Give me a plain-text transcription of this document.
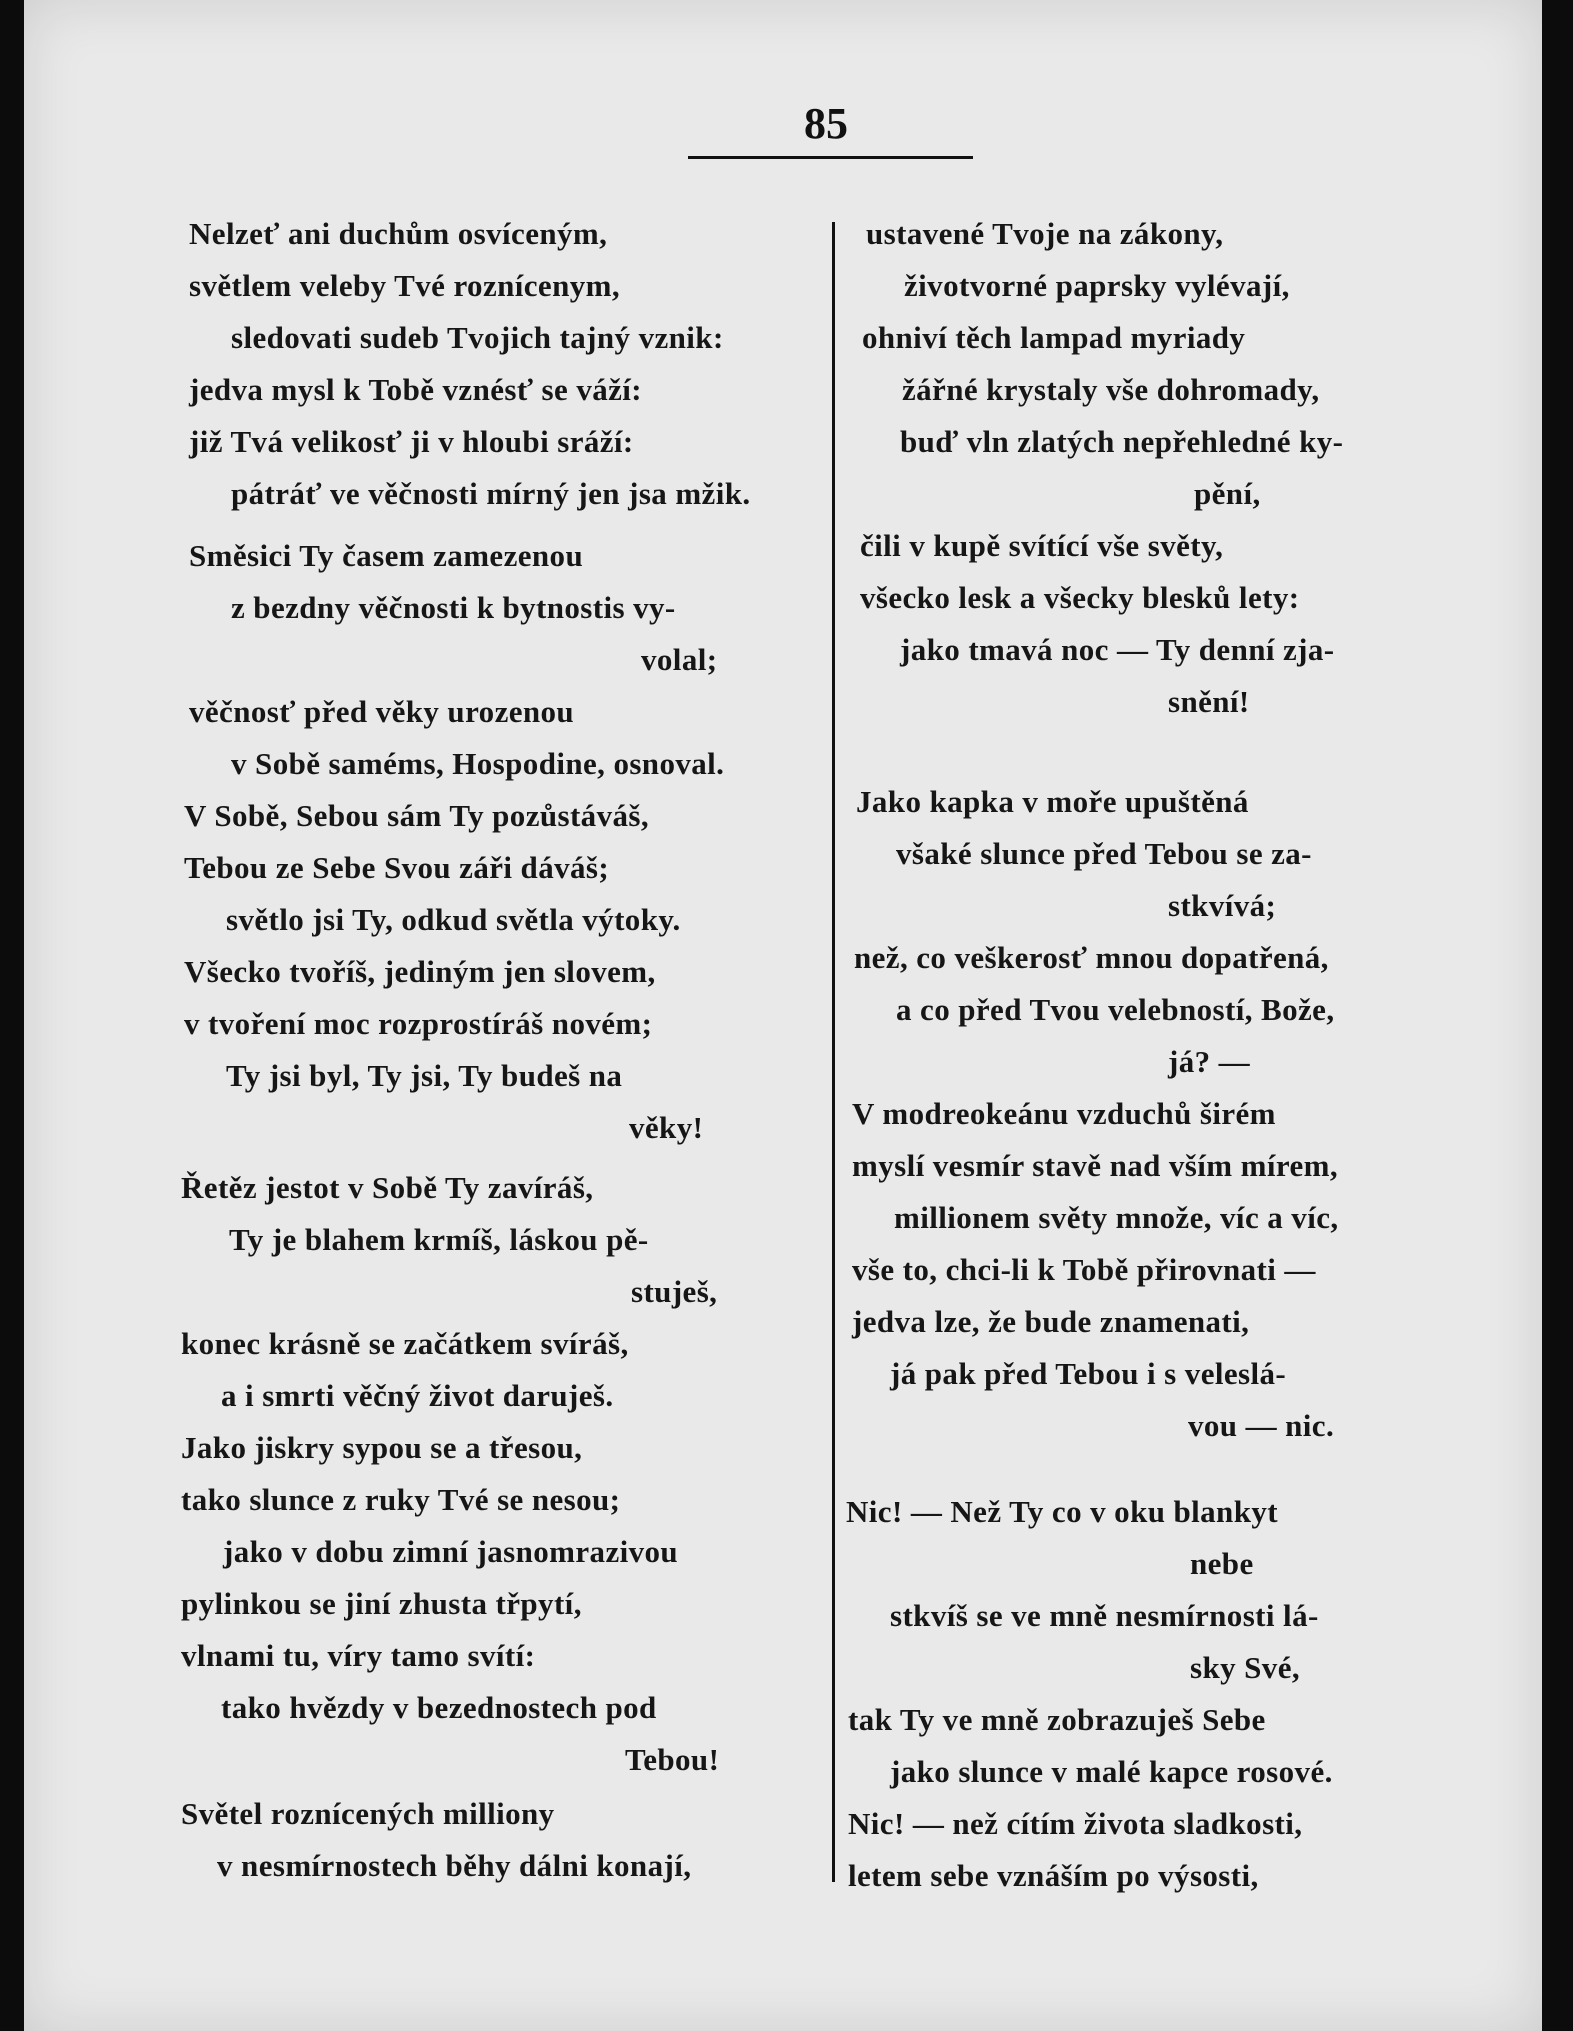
85
Nelzeť ani duchům osvíceným,
světlem veleby Tvé roznícenym,
sledovati sudeb Tvojich tajný vznik:
jedva mysl k Tobě vznésť se váží:
již Tvá velikosť ji v hloubi sráží:
pátráť ve věčnosti mírný jen jsa mžik.
Směsici Ty časem zamezenou
z bezdny věčnosti k bytnostis vy-
volal;
věčnosť před věky urozenou
v Sobě saméms, Hospodine, osnoval.
V Sobě, Sebou sám Ty pozůstáváš,
Tebou ze Sebe Svou záři dáváš;
světlo jsi Ty, odkud světla výtoky.
Všecko tvoříš, jediným jen slovem,
v tvoření moc rozprostíráš novém;
Ty jsi byl, Ty jsi, Ty budeš na
věky!
Řetěz jestot v Sobě Ty zavíráš,
Ty je blahem krmíš, láskou pě-
stuješ,
konec krásně se začátkem svíráš,
a i smrti věčný život daruješ.
Jako jiskry sypou se a třesou,
tako slunce z ruky Tvé se nesou;
jako v dobu zimní jasnomrazivou
pylinkou se jiní zhusta třpytí,
vlnami tu, víry tamo svítí:
tako hvězdy v bezednostech pod
Tebou!
Světel roznícených milliony
v nesmírnostech běhy dálni konají,
ustavené Tvoje na zákony,
životvorné paprsky vylévají,
ohniví těch lampad myriady
žářné krystaly vše dohromady,
buď vln zlatých nepřehledné ky-
pění,
čili v kupě svítící vše světy,
všecko lesk a všecky blesků lety:
jako tmavá noc — Ty denní zja-
snění!
Jako kapka v moře upuštěná
všaké slunce před Tebou se za-
stkvívá;
než, co veškerosť mnou dopatřená,
a co před Tvou velebností, Bože,
já? —
V modreokeánu vzduchů širém
myslí vesmír stavě nad vším mírem,
millionem světy množe, víc a víc,
vše to, chci-li k Tobě přirovnati —
jedva lze, že bude znamenati,
já pak před Tebou i s veleslá-
vou — nic.
Nic! — Než Ty co v oku blankyt
nebe
stkvíš se ve mně nesmírnosti lá-
sky Své,
tak Ty ve mně zobrazuješ Sebe
jako slunce v malé kapce rosové.
Nic! — než cítím života sladkosti,
letem sebe vznáším po výsosti,
